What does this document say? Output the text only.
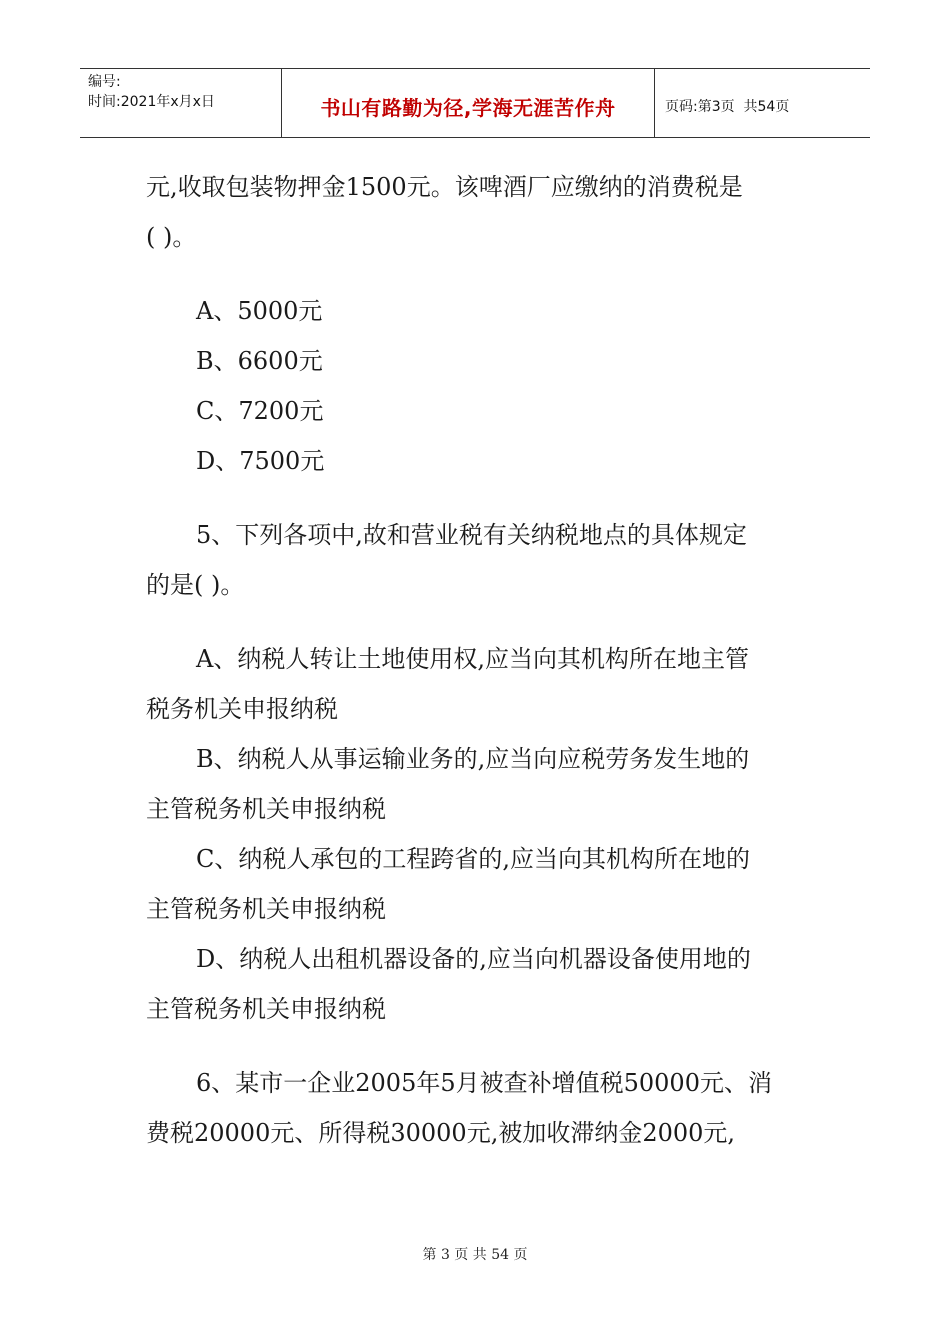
编号:
时间:2021年x月x日	书山有路勤为径,学海无涯苦作舟	页码:第3页  共54页
元,收取包装物押金1500元。该啤酒厂应缴纳的消费税是
( )。
A、5000元
B、6600元
C、7200元
D、7500元
5、下列各项中,故和营业税有关纳税地点的具体规定
的是( )。
A、纳税人转让土地使用权,应当向其机构所在地主管
税务机关申报纳税
B、纳税人从事运输业务的,应当向应税劳务发生地的
主管税务机关申报纳税
C、纳税人承包的工程跨省的,应当向其机构所在地的
主管税务机关申报纳税
D、纳税人出租机器设备的,应当向机器设备使用地的
主管税务机关申报纳税
6、某市一企业2005年5月被查补增值税50000元、消
费税20000元、所得税30000元,被加收滞纳金2000元,
第 3 页 共 54 页
